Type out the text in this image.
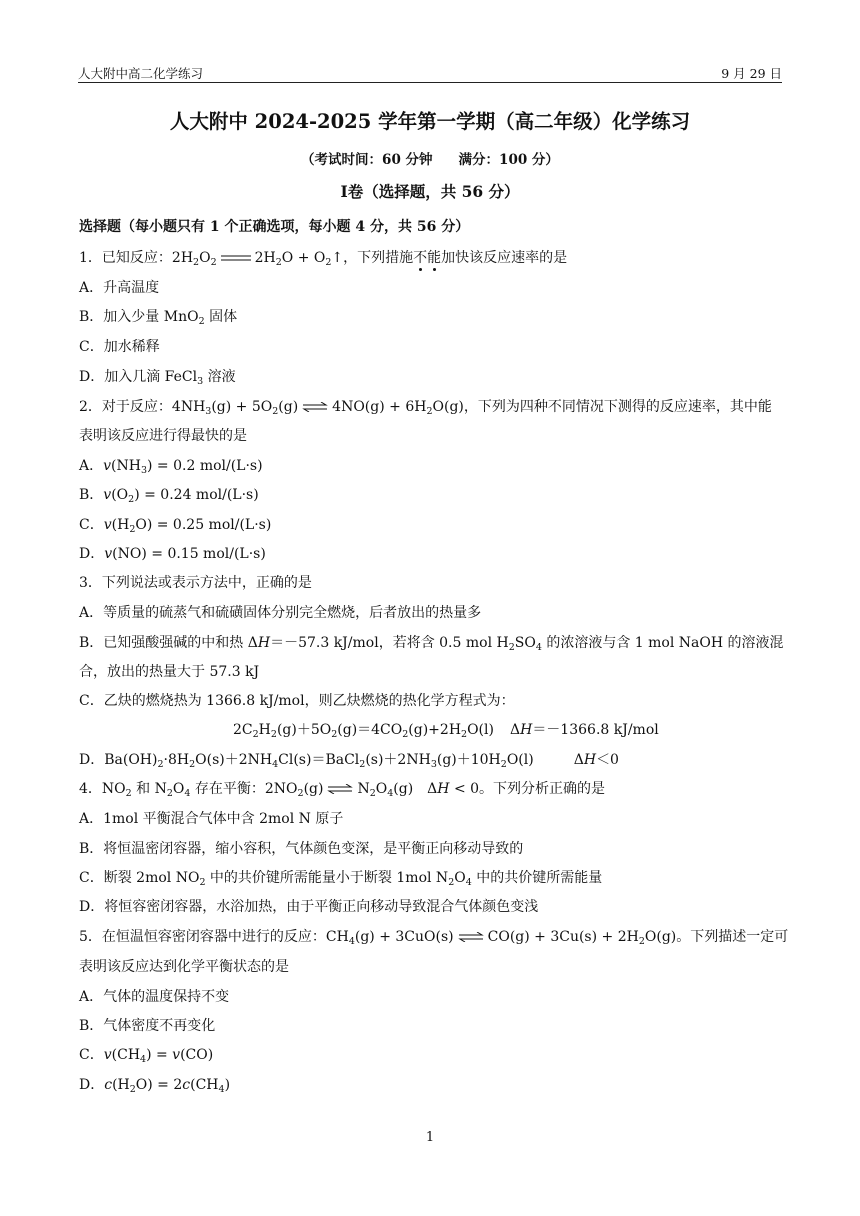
人大附中高二化学练习	9 月 29 日
人大附中 2024-2025 学年第一学期（高二年级）化学练习
（考试时间：60 分钟 满分：100 分）
Ⅰ卷（选择题，共 56 分）
选择题（每小题只有 1 个正确选项，每小题 4 分，共 56 分）
1．已知反应：$2H_2O_2$	$2H_2O$ + $O_2↑$，下列措施不能加快该反应速率的是
A．升高温度
B．加入少量 MnO$_2$ 固体
C．加水稀释
D．加入几滴 FeCl$_3$ 溶液
2．对于反应：$4NH_3(g) + 5O_2(g)$ ⇌ $4NO(g) + 6H_2O(g)$，下列为四种不同情况下测得的反应速率，其中能
表明该反应进行得最快的是
A．$v(NH_3) = 0.2$ mol/(L·s)
B．$v(O_2) = 0.24$ mol/(L·s)
C．$v(H_2O) = 0.25$ mol/(L·s)
D．v(NO) = 0.15 mol/(L·s)
3．下列说法或表示方法中，正确的是
A．等质量的硫蒸气和硫磺固体分别完全燃烧，后者放出的热量多
B．已知强酸强碱的中和热 ΔH＝－57.3 kJ/mol，若将含 0.5 mol $H_2SO_4$ 的浓溶液与含 1 mol NaOH 的溶液混
合，放出的热量大于 57.3 kJ
C．乙炔的燃烧热为 1366.8 kJ/mol，则乙炔燃烧的热化学方程式为：
$2C_2H_2(g)+5O_2(g)=4CO_2(g)+2H_2O(l)$ ΔH＝－1366.8 kJ/mol
D．$Ba(OH)_2\cdot 8H_2O(s)+2NH_4Cl(s)=BaCl_2(s)+2NH_3(g)+10H_2O(l)$	ΔH＜0
4．$NO_2$ 和 $N_2O_4$ 存在平衡：$2NO_2(g)$ ⇌ $N_2O_4(g) \Delta H < 0$。下列分析正确的是
A．1mol 平衡混合气体中含 2mol N 原子
B．将恒温密闭容器，缩小容积，气体颜色变深，是平衡正向移动导致的
C．断裂 2mol $NO_2$ 中的共价键所需能量小于断裂 1mol $N_2O_4$ 中的共价键所需能量
D．将恒容密闭容器，水浴加热，由于平衡正向移动导致混合气体颜色变浅
5．在恒温恒容密闭容器中进行的反应：$CH_4(g) + 3CuO(s)$ ⇌ $CO(g) + 3Cu(s) + 2H_2O(g)$。下列描述一定可
表明该反应达到化学平衡状态的是
A．气体的温度保持不变
B．气体密度不再变化
C．$v(CH_4) = v(CO)$
D．$c(H_2O) = 2c(CH_4)$
1
